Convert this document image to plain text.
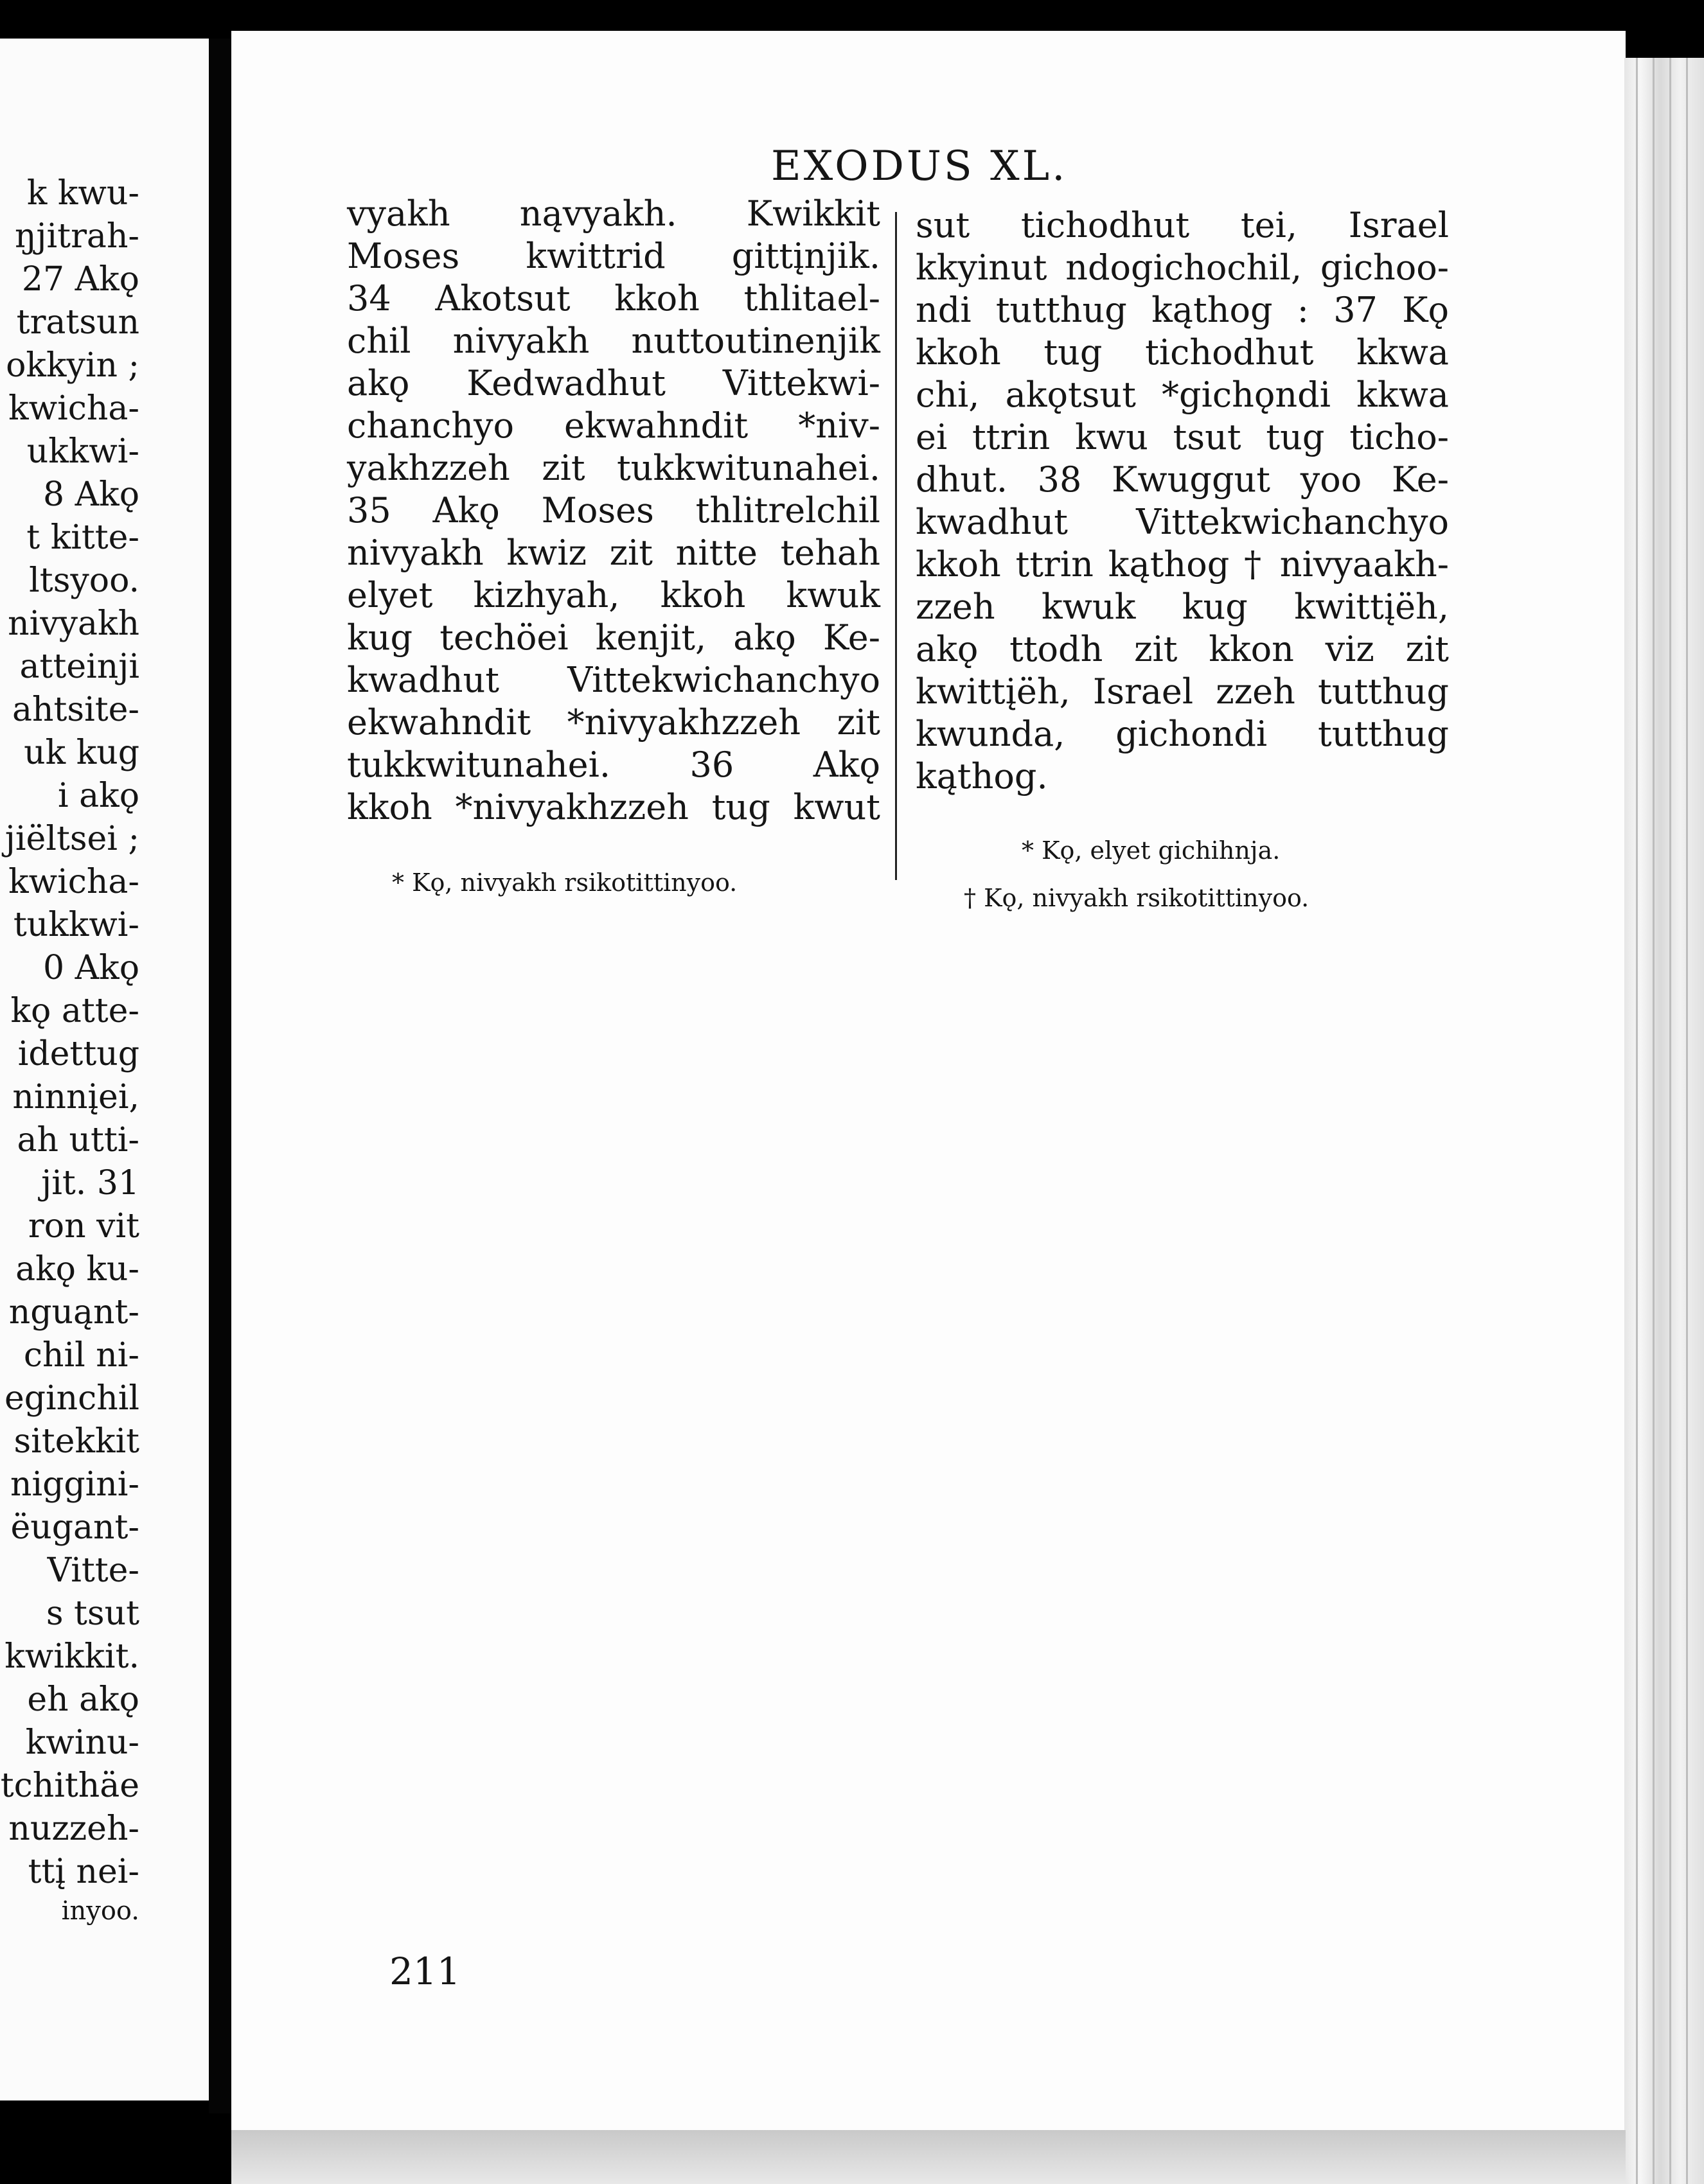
k kwu-
ŋjitrah-
27 Akǫ
tratsun
okkyin ;
kwicha-
ukkwi-
8 Akǫ
t kitte-
ltsyoo.
nivyakh
atteinji
ahtsite-
uk kug
i akǫ
jiëltsei ;
kwicha-
tukkwi-
0 Akǫ
kǫ atte-
idettug
ninnįei,
ah utti-
jit. 31
ron vit
akǫ ku-
nguąnt-
chil ni-
eginchil
sitekkit
niggini-
ëugant-
Vitte-
s tsut
kwikkit.
eh akǫ
kwinu-
tchithäe
nuzzeh-
ttį nei-
inyoo.
EXODUS XL.
vyakh nąvyakh. Kwikkit
Moses kwittrid gittįnjik.
34 Akotsut kkoh thlitael-
chil nivyakh nuttoutinenjik
akǫ Kedwadhut Vittekwi-
chanchyo ekwahndit *niv-
yakhzzeh zit tukkwitunahei.
35 Akǫ Moses thlitrelchil
nivyakh kwiz zit nitte tehah
elyet kizhyah, kkoh kwuk
kug techöei kenjit, akǫ Ke-
kwadhut Vittekwichanchyo
ekwahndit *nivyakhzzeh zit
tukkwitunahei. 36 Akǫ
kkoh *nivyakhzzeh tug kwut
sut tichodhut tei, Israel
kkyinut ndogichochil, gichoo-
ndi tutthug kąthog : 37 Kǫ
kkoh tug tichodhut kkwa
chi, akǫtsut *gichǫndi kkwa
ei ttrin kwu tsut tug ticho-
dhut. 38 Kwuggut yoo Ke-
kwadhut Vittekwichanchyo
kkoh ttrin kąthog † nivyaakh-
zzeh kwuk kug kwittįëh,
akǫ ttodh zit kkon viz zit
kwittįëh, Israel zzeh tutthug
kwunda, gichondi tutthug
kąthog.
* Kǫ, nivyakh rsikotittinyoo.
* Kǫ, elyet gichihnja.
† Kǫ, nivyakh rsikotittinyoo.
211
